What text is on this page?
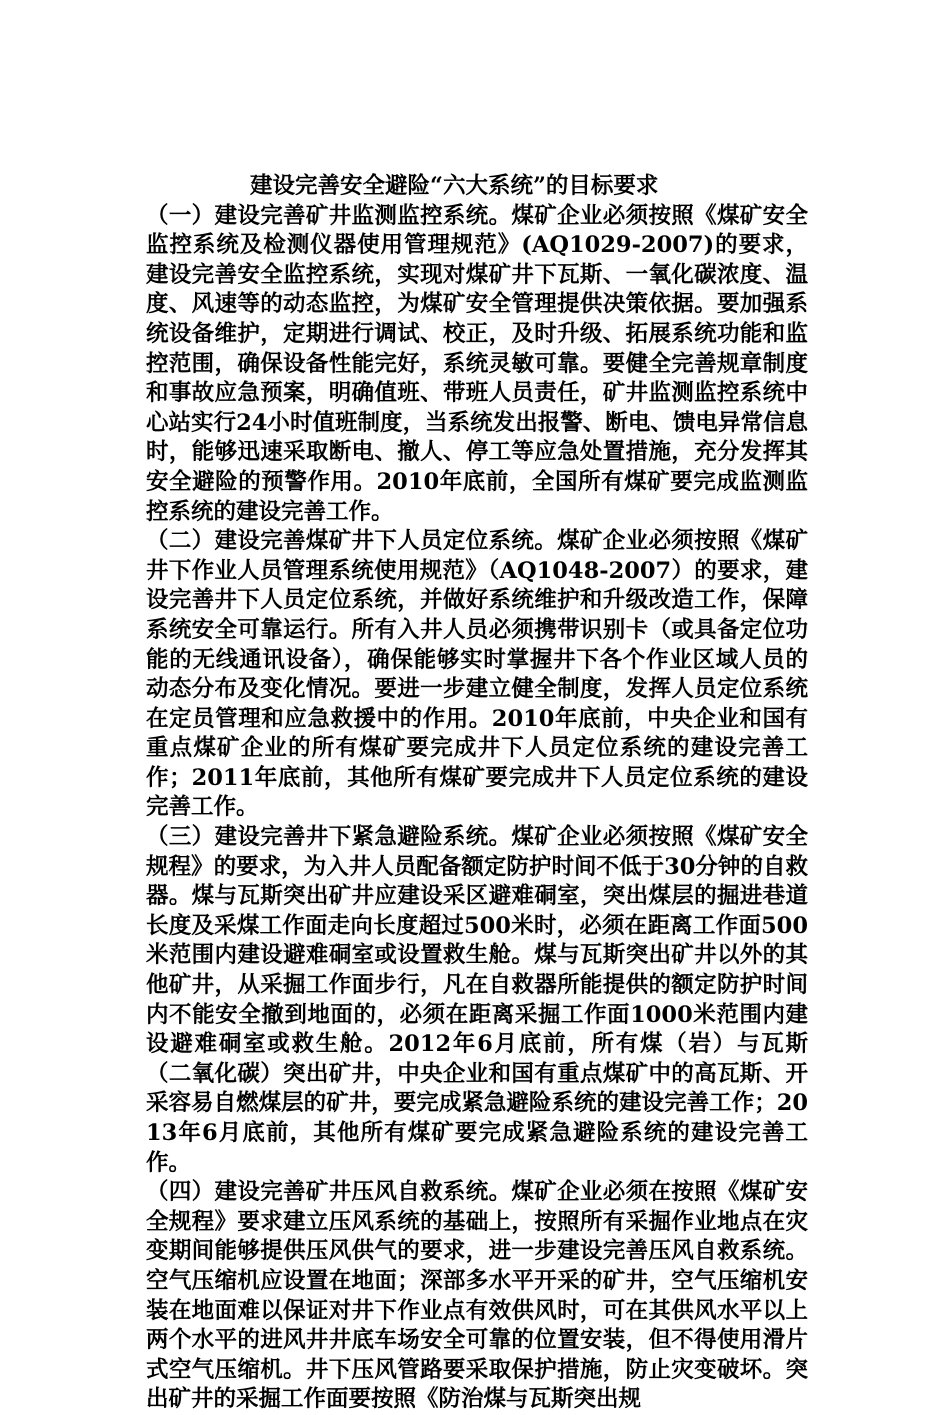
建设完善安全避险“六大系统”的目标要求

（一）建设完善矿井监测监控系统。煤矿企业必须按照《煤矿安全监控系统及检测仪器使用管理规范》(AQ1029-2007)的要求，建设完善安全监控系统，实现对煤矿井下瓦斯、一氧化碳浓度、温度、风速等的动态监控，为煤矿安全管理提供决策依据。要加强系统设备维护，定期进行调试、校正，及时升级、拓展系统功能和监控范围，确保设备性能完好，系统灵敏可靠。要健全完善规章制度和事故应急预案，明确值班、带班人员责任，矿井监测监控系统中心站实行24小时值班制度，当系统发出报警、断电、馈电异常信息时，能够迅速采取断电、撤人、停工等应急处置措施，充分发挥其安全避险的预警作用。2010年底前，全国所有煤矿要完成监测监控系统的建设完善工作。

（二）建设完善煤矿井下人员定位系统。煤矿企业必须按照《煤矿井下作业人员管理系统使用规范》（AQ1048-2007）的要求，建设完善井下人员定位系统，并做好系统维护和升级改造工作，保障系统安全可靠运行。所有入井人员必须携带识别卡（或具备定位功能的无线通讯设备），确保能够实时掌握井下各个作业区域人员的动态分布及变化情况。要进一步建立健全制度，发挥人员定位系统在定员管理和应急救援中的作用。2010年底前，中央企业和国有重点煤矿企业的所有煤矿要完成井下人员定位系统的建设完善工作；2011年底前，其他所有煤矿要完成井下人员定位系统的建设完善工作。

（三）建设完善井下紧急避险系统。煤矿企业必须按照《煤矿安全规程》的要求，为入井人员配备额定防护时间不低于30分钟的自救器。煤与瓦斯突出矿井应建设采区避难硐室，突出煤层的掘进巷道长度及采煤工作面走向长度超过500米时，必须在距离工作面500米范围内建设避难硐室或设置救生舱。煤与瓦斯突出矿井以外的其他矿井，从采掘工作面步行，凡在自救器所能提供的额定防护时间内不能安全撤到地面的，必须在距离采掘工作面1000米范围内建设避难硐室或救生舱。2012年6月底前，所有煤（岩）与瓦斯（二氧化碳）突出矿井，中央企业和国有重点煤矿中的高瓦斯、开采容易自燃煤层的矿井，要完成紧急避险系统的建设完善工作；2013年6月底前，其他所有煤矿要完成紧急避险系统的建设完善工作。

（四）建设完善矿井压风自救系统。煤矿企业必须在按照《煤矿安全规程》要求建立压风系统的基础上，按照所有采掘作业地点在灾变期间能够提供压风供气的要求，进一步建设完善压风自救系统。空气压缩机应设置在地面；深部多水平开采的矿井，空气压缩机安装在地面难以保证对井下作业点有效供风时，可在其供风水平以上两个水平的进风井井底车场安全可靠的位置安装，但不得使用滑片式空气压缩机。井下压风管路要采取保护措施，防止灾变破坏。突出矿井的采掘工作面要按照《防治煤与瓦斯突出规
